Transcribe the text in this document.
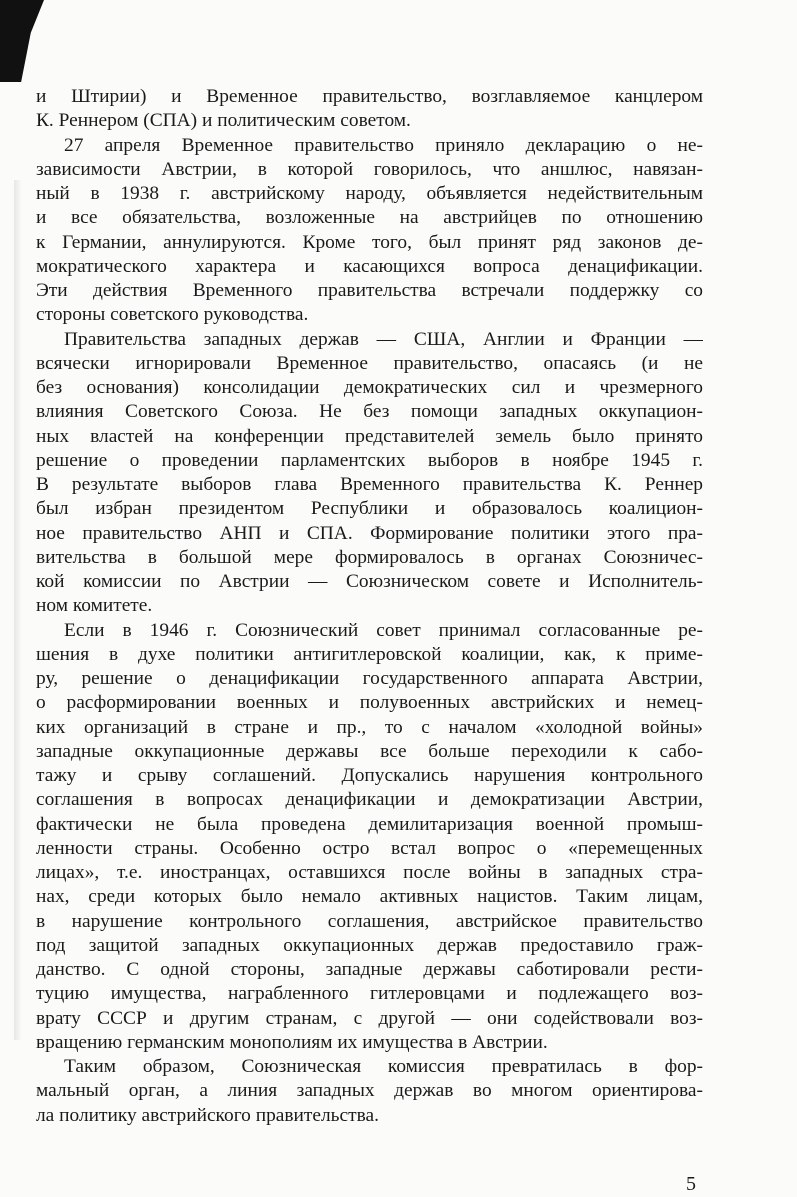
и Штирии) и Временное правительство, возглавляемое канцлером
К. Реннером (СПА) и политическим советом.
27 апреля Временное правительство приняло декларацию о не-
зависимости Австрии, в которой говорилось, что аншлюс, навязан-
ный в 1938 г. австрийскому народу, объявляется недействительным
и все обязательства, возложенные на австрийцев по отношению
к Германии, аннулируются. Кроме того, был принят ряд законов де-
мократического характера и касающихся вопроса денацификации.
Эти действия Временного правительства встречали поддержку со
стороны советского руководства.
Правительства западных держав — США, Англии и Франции —
всячески игнорировали Временное правительство, опасаясь (и не
без основания) консолидации демократических сил и чрезмерного
влияния Советского Союза. Не без помощи западных оккупацион-
ных властей на конференции представителей земель было принято
решение о проведении парламентских выборов в ноябре 1945 г.
В результате выборов глава Временного правительства К. Реннер
был избран президентом Республики и образовалось коалицион-
ное правительство АНП и СПА. Формирование политики этого пра-
вительства в большой мере формировалось в органах Союзничес-
кой комиссии по Австрии — Союзническом совете и Исполнитель-
ном комитете.
Если в 1946 г. Союзнический совет принимал согласованные ре-
шения в духе политики антигитлеровской коалиции, как, к приме-
ру, решение о денацификации государственного аппарата Австрии,
о расформировании военных и полувоенных австрийских и немец-
ких организаций в стране и пр., то с началом «холодной войны»
западные оккупационные державы все больше переходили к сабо-
тажу и срыву соглашений. Допускались нарушения контрольного
соглашения в вопросах денацификации и демократизации Австрии,
фактически не была проведена демилитаризация военной промыш-
ленности страны. Особенно остро встал вопрос о «перемещенных
лицах», т.е. иностранцах, оставшихся после войны в западных стра-
нах, среди которых было немало активных нацистов. Таким лицам,
в нарушение контрольного соглашения, австрийское правительство
под защитой западных оккупационных держав предоставило граж-
данство. С одной стороны, западные державы саботировали рести-
туцию имущества, награбленного гитлеровцами и подлежащего воз-
врату СССР и другим странам, с другой — они содействовали воз-
вращению германским монополиям их имущества в Австрии.
Таким образом, Союзническая комиссия превратилась в фор-
мальный орган, а линия западных держав во многом ориентирова-
ла политику австрийского правительства.
5
